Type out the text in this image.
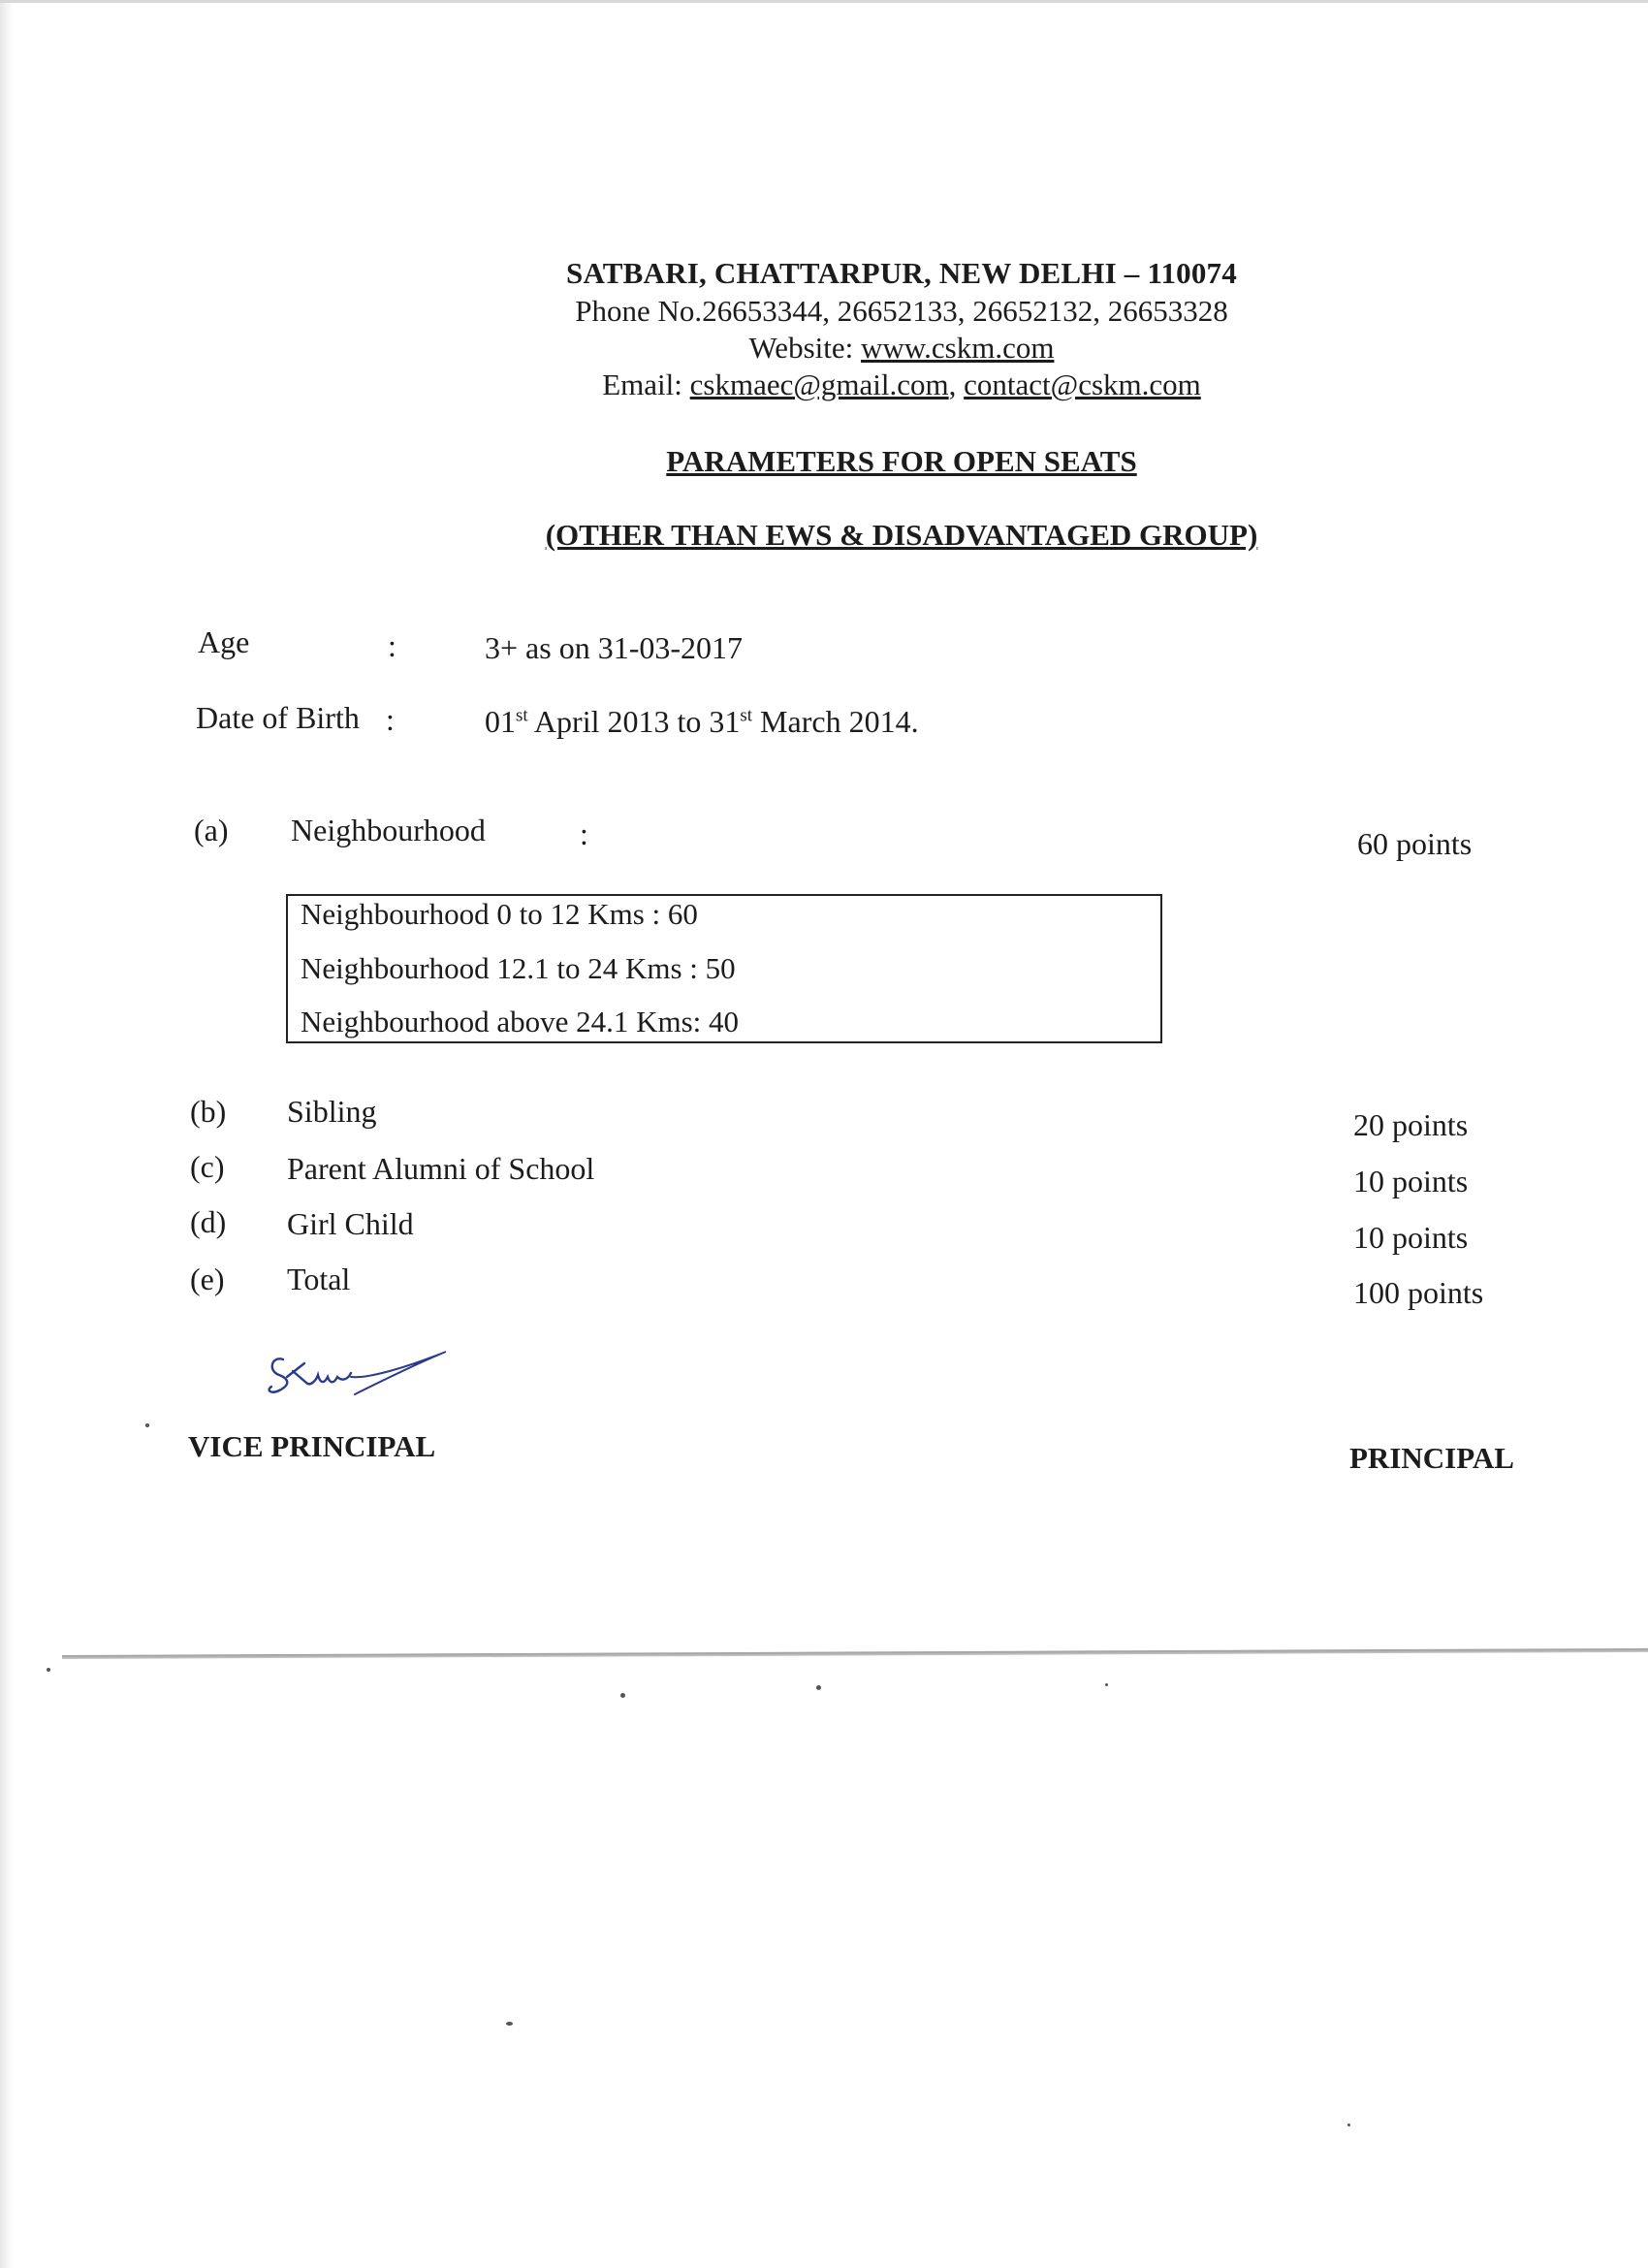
SATBARI, CHATTARPUR, NEW DELHI – 110074
Phone No.26653344, 26652133, 26652132, 26653328
Website: www.cskm.com
Email: cskmaec@gmail.com, contact@cskm.com
PARAMETERS FOR OPEN SEATS
(OTHER THAN EWS & DISADVANTAGED GROUP)
Age	:	3+ as on 31-03-2017
Date of Birth :	01st April 2013 to 31st March 2014.
(a) Neighbourhood	:	60 points
Neighbourhood 0 to 12 Kms : 60
Neighbourhood 12.1 to 24 Kms : 50
Neighbourhood above 24.1 Kms: 40
(b) Sibling	20 points
(c) Parent Alumni of School	10 points
(d) Girl Child	10 points
(e) Total	100 points
VICE PRINCIPAL	PRINCIPAL
